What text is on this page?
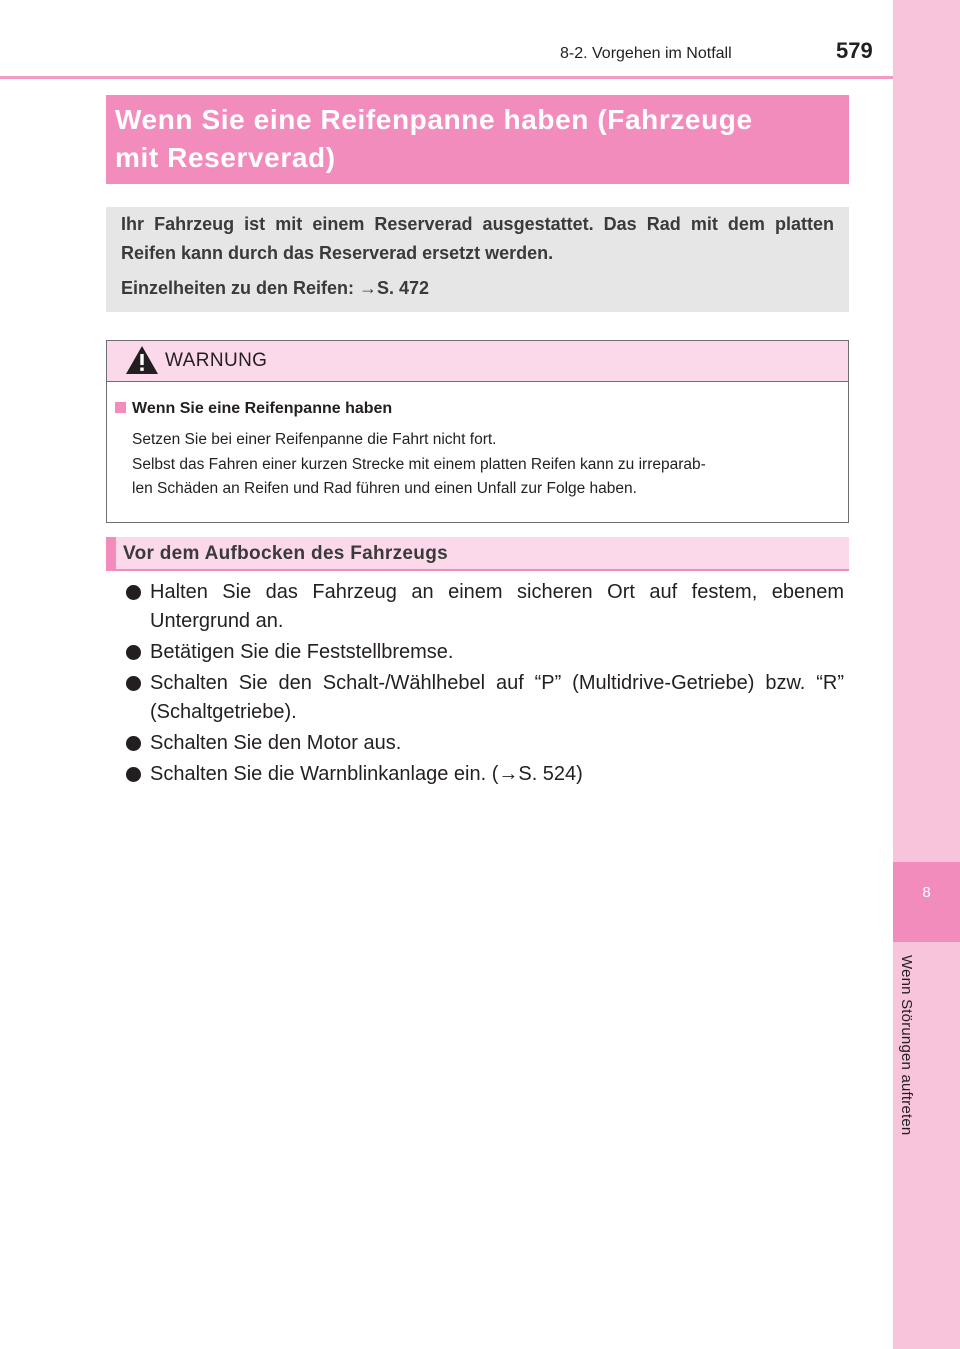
8-2. Vorgehen im Notfall	579
8
Wenn Störungen auftreten
Wenn Sie eine Reifenpanne haben (Fahrzeuge
mit Reserverad)
Ihr Fahrzeug ist mit einem Reserverad ausgestattet. Das Rad mit dem platten Reifen kann durch das Reserverad ersetzt werden.
Einzelheiten zu den Reifen: →S. 472
WARNUNG
Wenn Sie eine Reifenpanne haben
Setzen Sie bei einer Reifenpanne die Fahrt nicht fort.
Selbst das Fahren einer kurzen Strecke mit einem platten Reifen kann zu irreparab-
len Schäden an Reifen und Rad führen und einen Unfall zur Folge haben.
Vor dem Aufbocken des Fahrzeugs
Halten Sie das Fahrzeug an einem sicheren Ort auf festem, ebenem Untergrund an.
Betätigen Sie die Feststellbremse.
Schalten Sie den Schalt-/Wählhebel auf “P” (Multidrive-Getriebe) bzw. “R” (Schaltgetriebe).
Schalten Sie den Motor aus.
Schalten Sie die Warnblinkanlage ein. (→S. 524)
